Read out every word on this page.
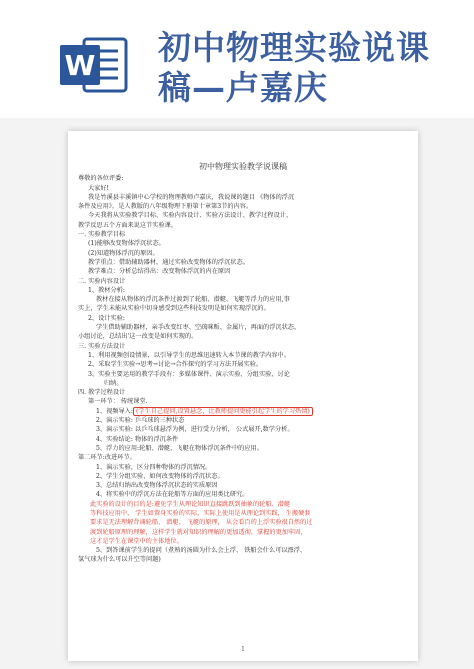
W 初中物理实验说课
稿—卢嘉庆
初中物理实验教学说课稿

尊敬的各位评委:

大家好!

我是竹溪县丰溪镇中心学校的物理教师卢嘉庆，我说课的题目 《物体的浮沉

条件及应用》，是人教版的八年级物理下册第十章第3节的内容。

今天我将从实验教学目标、实验内容设计、实验方法设计、教学过程设计、

教学反思五个方面来说这节实验课。

一. 实验教学目标

(1)能够改变物体浮沉状态。

(2)知道物体浮沉的原因。

教学重点：借助辅助器材，通过实验改变物体的浮沉状态。

教学难点：分析总结得出：改变物体浮沉的内在原因

二. 实验内容设计

1、教材分析:

教材在接从物体的浮沉条件过渡到了轮船、潜艇、飞艇等浮力的应用,事

实上，学生未能从实验中切身感受到这些科技发明是如何实现浮沉的。

2、设计实验:

学生借助辅助器材，亲手改变红枣、空疏咪贩、金属片，再面的浮沉状态，

小组讨论，总结出'这一改变是如何实现的。

三. 实验方法设计

1、利用视频创设情景，以引导学生的思维迅速转入本节课的教学内容中。

2、采取学生实验→思考→讨论→合作探究的学习方法开展实验。

3、实验主要运用的教学手段有：多媒体课件、演示实验、分组实验、讨论

归纳。

四. 教学过程设计

第一环节： 传统课堂.

1、视频导入: (学生自己提问,设置悬念，比教师提问更能引起学生的学习热情)

2、演示实验: 乒乓球的三种状态

3、演示实验: 以乒乓球悬浮为例，进行受力分析， 公式展开,数学分析。

4、实验结论: 物体的浮沉条件

5、浮力的应用:轮船、潜艇、飞艇在物体浮沉条件中的应用。

第二环节:改进环节。

1、演示实验，区分四种物体的浮沉情况。

2、学生分组实验，如何改变物体的浮沉状态。

3、总结归纳出改变物体浮沉状态的实质原因

4、将实验中的浮沉方法在轮船等方面的应用类比研究。

此实验的设计的目的是:避免学生从理论知识直接跳跃到抽象的轮船、潜艇

等科技应用中， 学生如置身实验的实际，实际上使用是从理论到实践， 生搬硬套

要求是无法理解背诵轮船、 潜艇、 飞艇的原理， 从会看百的上浮实验很自然的过

渡到轮船原理的理解，这样学生就对知识的理解的更加透彻，掌握的更加牢固，

这才是学生在课堂中的主体地位。

5、到答课前学生的提问（煮熟的汤圆为什么会上浮、 铁船会什么可以漂浮、

氢气球为什么可以升空等问题)

1
